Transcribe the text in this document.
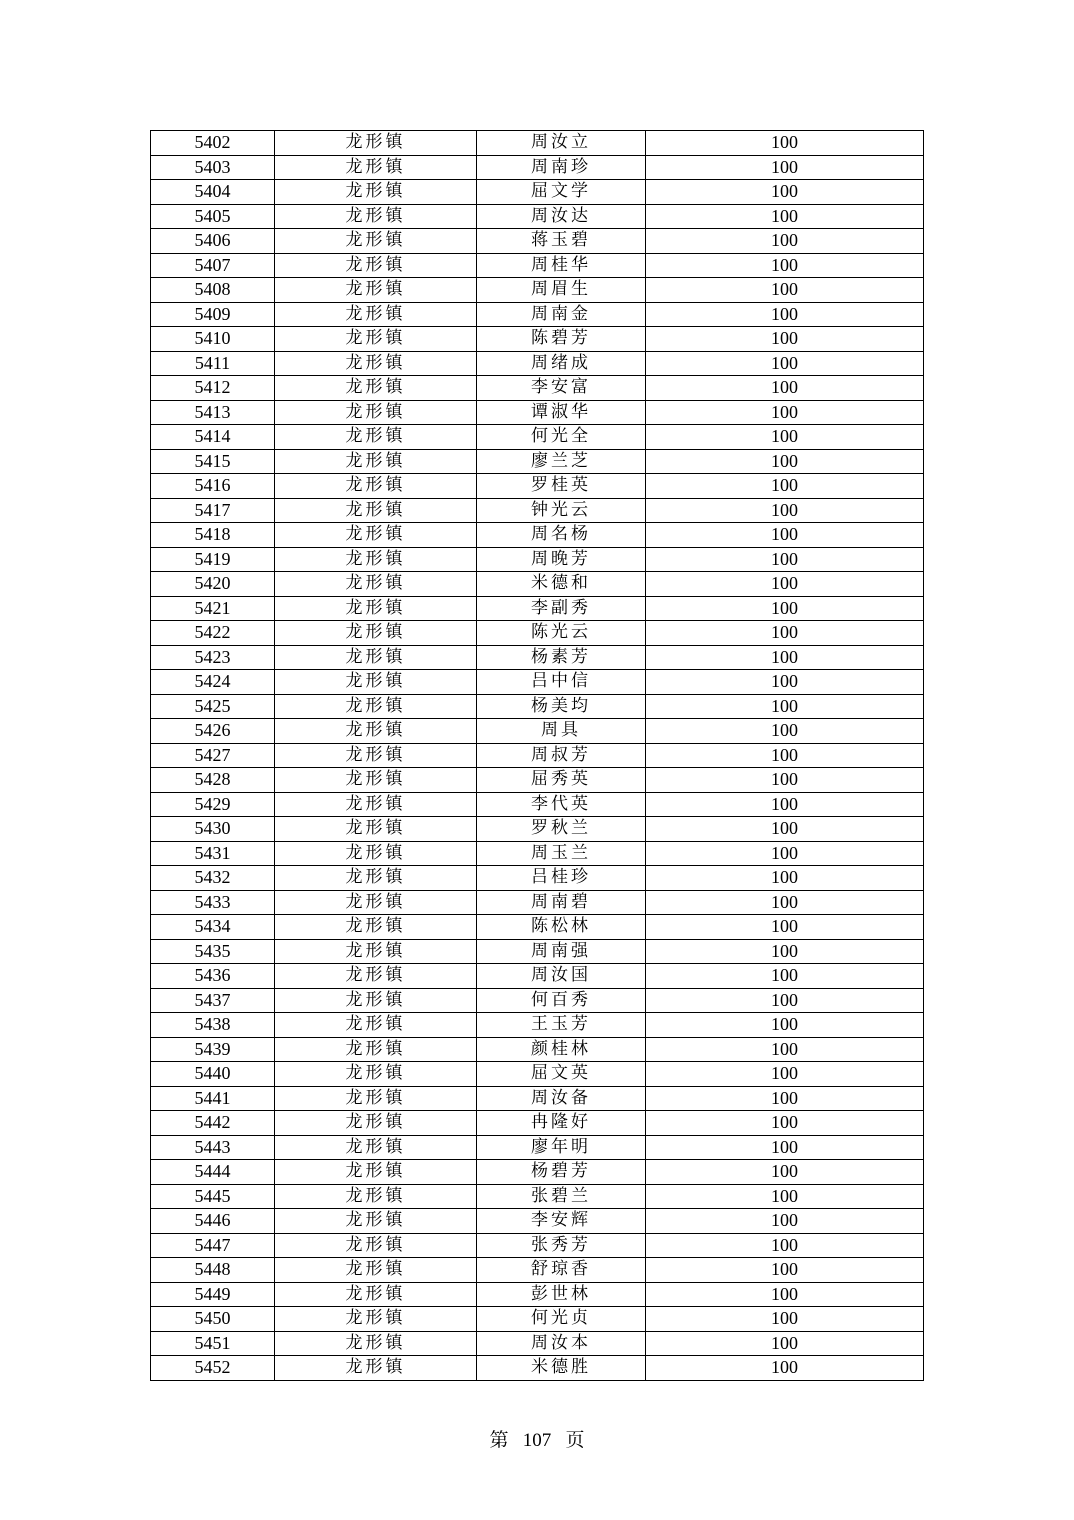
5402	龙形镇	周汝立	100
5403	龙形镇	周南珍	100
5404	龙形镇	屈文学	100
5405	龙形镇	周汝达	100
5406	龙形镇	蒋玉碧	100
5407	龙形镇	周桂华	100
5408	龙形镇	周眉生	100
5409	龙形镇	周南金	100
5410	龙形镇	陈碧芳	100
5411	龙形镇	周绪成	100
5412	龙形镇	李安富	100
5413	龙形镇	谭淑华	100
5414	龙形镇	何光全	100
5415	龙形镇	廖兰芝	100
5416	龙形镇	罗桂英	100
5417	龙形镇	钟光云	100
5418	龙形镇	周名杨	100
5419	龙形镇	周晚芳	100
5420	龙形镇	米德和	100
5421	龙形镇	李副秀	100
5422	龙形镇	陈光云	100
5423	龙形镇	杨素芳	100
5424	龙形镇	吕中信	100
5425	龙形镇	杨美均	100
5426	龙形镇	周具	100
5427	龙形镇	周叔芳	100
5428	龙形镇	屈秀英	100
5429	龙形镇	李代英	100
5430	龙形镇	罗秋兰	100
5431	龙形镇	周玉兰	100
5432	龙形镇	吕桂珍	100
5433	龙形镇	周南碧	100
5434	龙形镇	陈松林	100
5435	龙形镇	周南强	100
5436	龙形镇	周汝国	100
5437	龙形镇	何百秀	100
5438	龙形镇	王玉芳	100
5439	龙形镇	颜桂林	100
5440	龙形镇	屈文英	100
5441	龙形镇	周汝备	100
5442	龙形镇	冉隆好	100
5443	龙形镇	廖年明	100
5444	龙形镇	杨碧芳	100
5445	龙形镇	张碧兰	100
5446	龙形镇	李安辉	100
5447	龙形镇	张秀芳	100
5448	龙形镇	舒琼香	100
5449	龙形镇	彭世林	100
5450	龙形镇	何光贞	100
5451	龙形镇	周汝本	100
5452	龙形镇	米德胜	100
第 107 页
